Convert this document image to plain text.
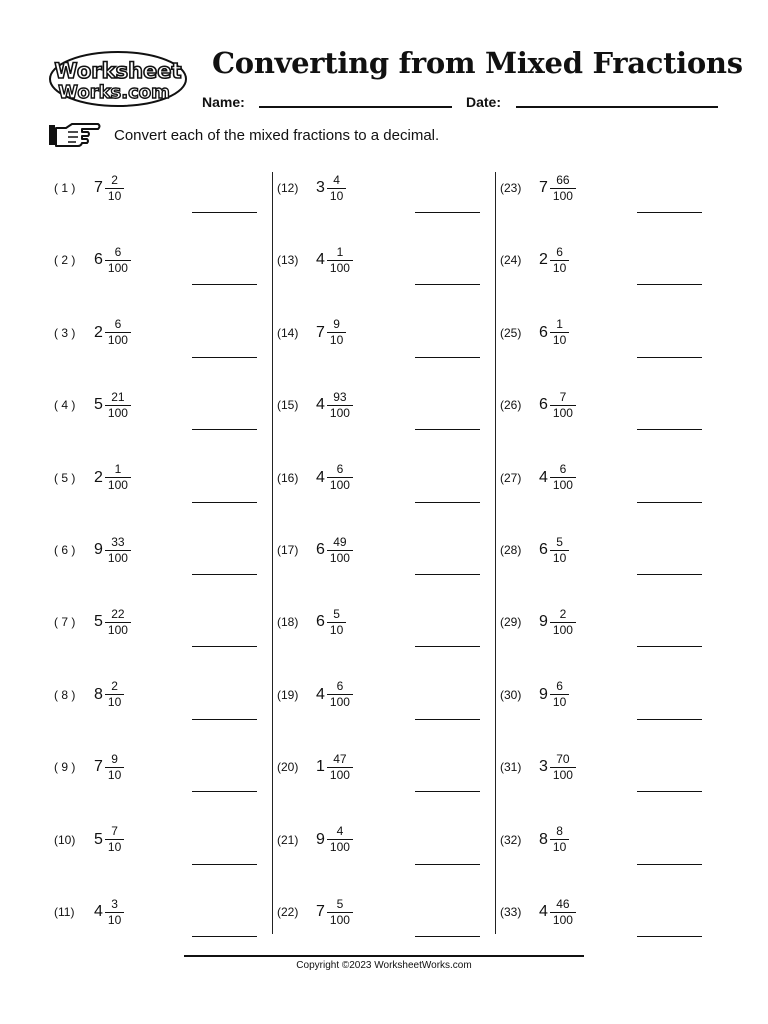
Worksheet
Works.com
Converting from Mixed Fractions
Name:	Date:
Convert each of the mixed fractions to a decimal.
( 1 ) $7 \frac{2}{10}$
( 2 ) $6 \frac{6}{100}$
( 3 ) $2 \frac{6}{100}$
( 4 ) $5 \frac{21}{100}$
( 5 ) $2 \frac{1}{100}$
( 6 ) $9 \frac{33}{100}$
( 7 ) $5 \frac{22}{100}$
( 8 ) $8 \frac{2}{10}$
( 9 ) $7 \frac{9}{10}$
(10) $5 \frac{7}{10}$
(11) $4 \frac{3}{10}$
(12) $3 \frac{4}{10}$
(13) $4 \frac{1}{100}$
(14) $7 \frac{9}{10}$
(15) $4 \frac{93}{100}$
(16) $4 \frac{6}{100}$
(17) $6 \frac{49}{100}$
(18) $6 \frac{5}{10}$
(19) $4 \frac{6}{100}$
(20) $1 \frac{47}{100}$
(21) $9 \frac{4}{100}$
(22) $7 \frac{5}{100}$
(23) $7 \frac{66}{100}$
(24) $2 \frac{6}{10}$
(25) $6 \frac{1}{10}$
(26) $6 \frac{7}{100}$
(27) $4 \frac{6}{100}$
(28) $6 \frac{5}{10}$
(29) $9 \frac{2}{100}$
(30) $9 \frac{6}{10}$
(31) $3 \frac{70}{100}$
(32) $8 \frac{8}{10}$
(33) $4 \frac{46}{100}$
Copyright ©2023 WorksheetWorks.com
